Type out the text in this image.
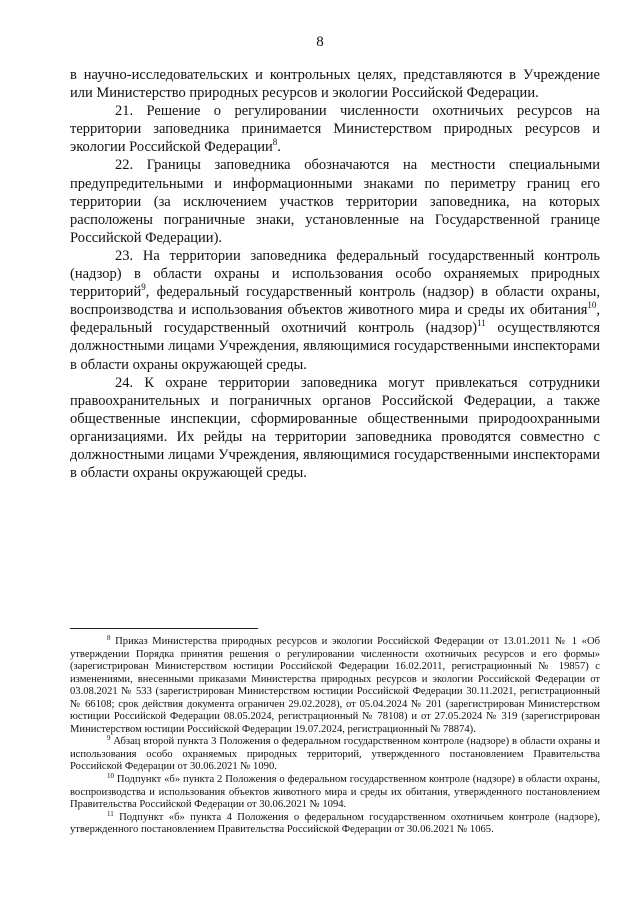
8

в научно-исследовательских и контрольных целях, представляются в Учреждение или Министерство природных ресурсов и экологии Российской Федерации.

21. Решение о регулировании численности охотничьих ресурсов на территории заповедника принимается Министерством природных ресурсов и экологии Российской Федерации$^8$.

22. Границы заповедника обозначаются на местности специальными предупредительными и информационными знаками по периметру границ его территории (за исключением участков территории заповедника, на которых расположены пограничные знаки, установленные на Государственной границе Российской Федерации).

23. На территории заповедника федеральный государственный контроль (надзор) в области охраны и использования особо охраняемых природных территорий$^9$, федеральный государственный контроль (надзор) в области охраны, воспроизводства и использования объектов животного мира и среды их обитания$^{10}$, федеральный государственный охотничий контроль (надзор)$^{11}$ осуществляются должностными лицами Учреждения, являющимися государственными инспекторами в области охраны окружающей среды.

24. К охране территории заповедника могут привлекаться сотрудники правоохранительных и пограничных органов Российской Федерации, а также общественные инспекции, сформированные общественными природоохранными организациями. Их рейды на территории заповедника проводятся совместно с должностными лицами Учреждения, являющимися государственными инспекторами в области охраны окружающей среды.

$^8$ Приказ Министерства природных ресурсов и экологии Российской Федерации от 13.01.2011 № 1 «Об утверждении Порядка принятия решения о регулировании численности охотничьих ресурсов и его формы» (зарегистрирован Министерством юстиции Российской Федерации 16.02.2011, регистрационный № 19857) с изменениями, внесенными приказами Министерства природных ресурсов и экологии Российской Федерации от 03.08.2021 № 533 (зарегистрирован Министерством юстиции Российской Федерации 30.11.2021, регистрационный № 66108; срок действия документа ограничен 29.02.2028), от 05.04.2024 № 201 (зарегистрирован Министерством юстиции Российской Федерации 08.05.2024, регистрационный № 78108) и от 27.05.2024 № 319 (зарегистрирован Министерством юстиции Российской Федерации 19.07.2024, регистрационный № 78874).

$^9$ Абзац второй пункта 3 Положения о федеральном государственном контроле (надзоре) в области охраны и использования особо охраняемых природных территорий, утвержденного постановлением Правительства Российской Федерации от 30.06.2021 № 1090.

$^{10}$ Подпункт «б» пункта 2 Положения о федеральном государственном контроле (надзоре) в области охраны, воспроизводства и использования объектов животного мира и среды их обитания, утвержденного постановлением Правительства Российской Федерации от 30.06.2021 № 1094.

$^{11}$ Подпункт «б» пункта 4 Положения о федеральном государственном охотничьем контроле (надзоре), утвержденного постановлением Правительства Российской Федерации от 30.06.2021 № 1065.
